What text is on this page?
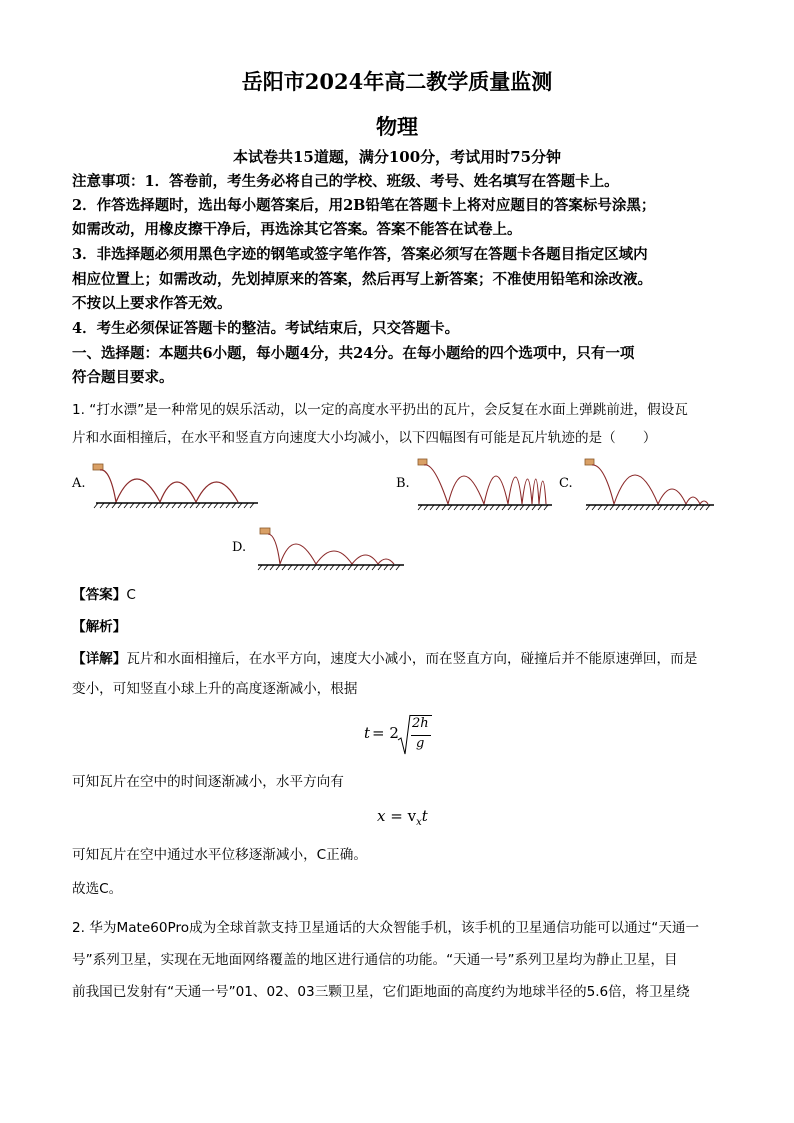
岳阳市2024年高二教学质量监测
物理
本试卷共15道题，满分100分，考试用时75分钟
注意事项：1．答卷前，考生务必将自己的学校、班级、考号、姓名填写在答题卡上。
2．作答选择题时，选出每小题答案后，用2B铅笔在答题卡上将对应题目的答案标号涂黑；
如需改动，用橡皮擦干净后，再选涂其它答案。答案不能答在试卷上。
3．非选择题必须用黑色字迹的钢笔或签字笔作答，答案必须写在答题卡各题目指定区域内
相应位置上；如需改动，先划掉原来的答案，然后再写上新答案；不准使用铅笔和涂改液。
不按以上要求作答无效。
4．考生必须保证答题卡的整洁。考试结束后，只交答题卡。
一、选择题：本题共6小题，每小题4分，共24分。在每小题给的四个选项中，只有一项
符合题目要求。
1. “打水漂”是一种常见的娱乐活动，以一定的高度水平扔出的瓦片，会反复在水面上弹跳前进，假设瓦
片和水面相撞后，在水平和竖直方向速度大小均减小，以下四幅图有可能是瓦片轨迹的是（　　）
A.	B.	C.
D.
【答案】C
【解析】
【详解】瓦片和水面相撞后，在水平方向，速度大小减小，而在竖直方向，碰撞后并不能原速弹回，而是
变小，可知竖直小球上升的高度逐渐减小，根据
t = 2
2h
g
可知瓦片在空中的时间逐渐减小，水平方向有
$x = v_xt$
可知瓦片在空中通过水平位移逐渐减小，C正确。
故选C。
2. 华为Mate60Pro成为全球首款支持卫星通话的大众智能手机，该手机的卫星通信功能可以通过“天通一
号”系列卫星，实现在无地面网络覆盖的地区进行通信的功能。“天通一号”系列卫星均为静止卫星，目
前我国已发射有“天通一号”01、02、03三颗卫星，它们距地面的高度约为地球半径的5.6倍，将卫星绕
